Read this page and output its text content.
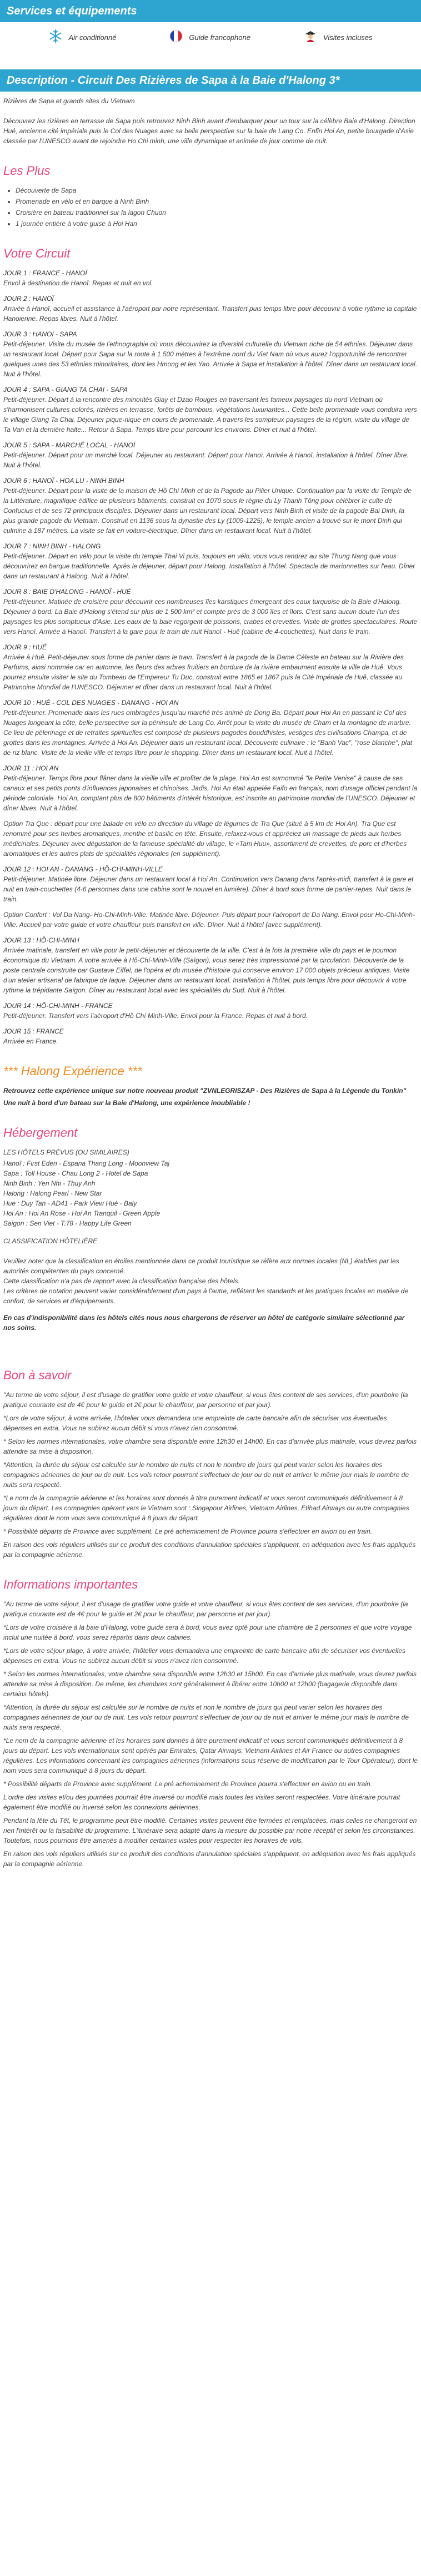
Services et équipements
Air conditionné	Guide francophone	Visites incluses
Description - Circuit Des Rizières de Sapa à la Baie d'Halong 3*

Rizières de Sapa et grands sites du Vietnam

Découvrez les rizières en terrasse de Sapa puis retrouvez Ninh Binh avant d'embarquer pour un tour sur la célèbre Baie d'Halong. Direction Hué, ancienne cité impériale puis le Col des Nuages avec sa belle perspective sur la baie de Lang Co. Enfin Hoi An, petite bourgade d'Asie classée par l'UNESCO avant de rejoindre Ho Chi minh, une ville dynamique et animée de jour comme de nuit.

Les Plus
• Découverte de Sapa
• Promenade en vélo et en barque à Ninh Binh
• Croisière en bateau traditionnel sur la lagon Chuon
• 1 journée entière à votre guise à Hoi Han
Votre Circuit
JOUR 1 : FRANCE - HANOÏ
Envol à destination de Hanoï. Repas et nuit en vol.
JOUR 2 : HANOÏ
Arrivée à Hanoï, accueil et assistance à l'aéroport par notre représentant. Transfert puis temps libre pour découvrir à votre rythme la capitale Hanoienne. Repas libres. Nuit à l'hôtel.
JOUR 3 : HANOI - SAPA
Petit-déjeuner. Visite du musée de l'ethnographie où vous découvrirez la diversité culturelle du Vietnam riche de 54 ethnies. Déjeuner dans un restaurant local. Départ pour Sapa sur la route à 1 500 mètres à l'extrême nord du Viet Nam où vous aurez l'opportunité de rencontrer quelques unes des 53 ethnies minoritaires, dont les Hmong et les Yao. Arrivée à Sapa et installation à l'hôtel. Dîner dans un restaurant local. Nuit à l'hôtel.
JOUR 4 : SAPA - GIANG TA CHAI - SAPA
Petit-déjeuner. Départ à la rencontre des minorités Giay et Dzao Rouges en traversant les fameux paysages du nord Vietnam où s'harmonisent cultures colorés, rizières en terrasse, forêts de bambous, végétations luxuriantes... Cette belle promenade vous conduira vers le village Giang Ta Chai. Déjeuner pique-nique en cours de promenade. A travers les sompteux paysages de la région, visite du village de Ta Van et la dernière halte... Retour à Sapa. Temps libre pour parcourir les environs. Dîner et nuit à l'hôtel.
JOUR 5 : SAPA - MARCHÉ LOCAL - HANOÏ
Petit-déjeuner. Départ pour un marché local. Déjeuner au restaurant. Départ pour Hanoï. Arrivée à Hanoï, installation à l'hôtel. Dîner libre. Nuit à l'hôtel.
JOUR 6 : HANOÏ - HOA LU - NINH BINH
Petit-déjeuner. Départ pour la visite de la maison de Hồ Chí Minh et de la Pagode au Pilier Unique. Continuation par la visite du Temple de la Littérature, magnifique édifice de plusieurs bâtiments, construit en 1070 sous le règne du Ly Thanh Tông pour célébrer le culte de Confucius et de ses 72 principaux disciples. Déjeuner dans un restaurant local. Départ vers Ninh Binh et visite de la pagode Bai Dinh, la plus grande pagode du Vietnam. Construit en 1136 sous la dynastie des Ly (1009-1225), le temple ancien a trouvé sur le mont Dinh qui culmine à 187 mètres. La visite se fait en voiture-électrique. Dîner dans un restaurant local. Nuit à l'hôtel.
JOUR 7 : NINH BINH - HALONG
Petit-déjeuner. Départ en vélo pour la visite du temple Thai Vi puis, toujours en vélo, vous vous rendrez au site Thung Nang que vous découvrirez en barque traditionnelle. Après le déjeuner, départ pour Halong. Installation à l'hôtel. Spectacle de marionnettes sur l'eau. Dîner dans un restaurant à Halong. Nuit à l'hôtel.
JOUR 8 : BAIE D'HALONG - HANOÏ - HUÉ
Petit-déjeuner. Matinée de croisière pour découvrir ces nombreuses îles karstiques émergeant des eaux turquoise de la Baie d'Halong. Déjeuner à bord. La Baie d'Halong s'étend sur plus de 1 500 km² et compte près de 3 000 îles et îlots. C'est sans aucun doute l'un des paysages les plus somptueux d'Asie. Les eaux de la baie regorgent de poissons, crabes et crevettes. Visite de grottes spectaculaires. Route vers Hanoï. Arrivée à Hanoï. Transfert à la gare pour le train de nuit Hanoï - Huê (cabine de 4-couchettes). Nuit dans le train.
JOUR 9 : HUÉ
Arrivée à Huê. Petit-déjeuner sous forme de panier dans le train. Transfert à la pagode de la Dame Céleste en bateau sur la Rivière des Parfums, ainsi nommée car en automne, les fleurs des arbres fruitiers en bordure de la rivière embaument ensuite la ville de Huê. Vous pourrez ensuite visiter le site du Tombeau de l'Empereur Tu Duc, construit entre 1865 et 1867 puis la Cité Impériale de Huê, classée au Patrimoine Mondial de l'UNESCO. Déjeuner et dîner dans un restaurant local. Nuit à l'hôtel.
JOUR 10 : HUÉ - COL DES NUAGES - DANANG - HOI AN
Petit-déjeuner. Promenade dans les rues ombragées jusqu'au marché très animé de Dong Ba. Départ pour Hoi An en passant le Col des Nuages longeant la côte, belle perspective sur la péninsule de Lang Co. Arrêt pour la visite du musée de Cham et la montagne de marbre. Ce lieu de pèlerinage et de retraites spirituelles est composé de plusieurs pagodes bouddhistes, vestiges des civilisations Champa, et de grottes dans les montagnes. Arrivée à Hoi An. Déjeuner dans un restaurant local. Découverte culinaire : le "Banh Vac", "rose blanche", plat de riz blanc. Visite de la vieille ville et temps libre pour le shopping. Dîner dans un restaurant local. Nuit à l'hôtel.
JOUR 11 : HOI AN
Petit-déjeuner. Temps libre pour flâner dans la vieille ville et profiter de la plage. Hoi An est surnommé "la Petite Venise" à cause de ses canaux et ses petits ponts d'influences japonaises et chinoises. Jadis, Hoi An était appelée Faifo en français, nom d'usage officiel pendant la période coloniale. Hoi An, comptant plus de 800 bâtiments d'intérêt historique, est inscrite au patrimoine mondial de l'UNESCO. Déjeuner et dîner libres. Nuit à l'hôtel.
Option Tra Que : départ pour une balade en vélo en direction du village de légumes de Tra Que (situé à 5 km de Hoi An). Tra Que est renommé pour ses herbes aromatiques, menthe et basilic en tête. Ensuite, relaxez-vous et appréciez un massage de pieds aux herbes médicinales. Déjeuner avec dégustation de la fameuse spécialité du village, le «Tam Huu», assortiment de crevettes, de porc et d'herbes aromatiques et les autres plats de spécialités régionales (en supplément).
JOUR 12 : HOI AN - DANANG - HỒ-CHI-MINH-VILLE
Petit-déjeuner. Matinée libre. Déjeuner dans un restaurant local à Hoi An. Continuation vers Danang dans l'après-midi, transfert à la gare et nuit en train-couchettes (4-6 personnes dans une cabine sont le nouvel en lumière). Dîner à bord sous forme de panier-repas. Nuit dans le train.
Option Confort : Vol Da Nang- Ho-Chi-Minh-Ville. Matinée libre. Déjeuner. Puis départ pour l'aéroport de Da Nang. Envol pour Ho-Chi-Minh-Ville. Accueil par votre guide et votre chauffeur puis transfert en ville. Dîner. Nuit à l'hôtel (avec supplément).
JOUR 13 : HỒ-CHI-MINH
Arrivée matinale, transfert en ville pour le petit-déjeuner et découverte de la ville. C'est à la fois la première ville du pays et le poumon économique du Vietnam. A votre arrivée à Hồ-Chí-Minh-Ville (Saïgon), vous serez très impressionné par la circulation. Découverte de la poste centrale construite par Gustave Eiffel, de l'opéra et du musée d'histoire qui conserve environ 17 000 objets précieux antiques. Visite d'un atelier artisanal de fabrique de laque. Déjeuner dans un restaurant local. Installation à l'hôtel, puis temps libre pour découvrir à votre rythme la trépidante Saïgon. Dîner au restaurant local avec les spécialités du Sud. Nuit à l'hôtel.
JOUR 14 : HỒ-CHI-MINH - FRANCE
Petit-déjeuner. Transfert vers l'aéroport d'Hồ Chí Minh-Ville. Envol pour la France. Repas et nuit à bord.
JOUR 15 : FRANCE
Arrivée en France.
*** Halong Expérience ***

Retrouvez cette expérience unique sur notre nouveau produit "ZVNLEGRISZAP - Des Rizières de Sapa à la Légende du Tonkin"

Une nuit à bord d'un bateau sur la Baie d'Halong, une expérience inoubliable !

Hébergement

LES HÔTELS PRÉVUS (OU SIMILAIRES)

Hanoï : First Eden - Espana Thang Long - Moonview Taj
Sapa : Toll House - Chau Long 2 - Hotel de Sapa
Ninh Binh : Yen Nhi - Thuy Anh
Halong : Halong Pearl - New Star
Hue : Duy Tan - AD41 - Park View Hué - Baly
Hoi An : Hoi An Rose - Hoi An Tranquil - Green Apple
Saigon : Sen Viet - T.78 - Happy Life Green

CLASSIFICATION HÔTELIÈRE

Veuillez noter que la classification en étoiles mentionnée dans ce produit touristique se réfère aux normes locales (NL) établies par les autorités compétentes du pays concerné.
Cette classification n'a pas de rapport avec la classification française des hôtels.
Les critères de notation peuvent varier considérablement d'un pays à l'autre, reflétant les standards et les pratiques locales en matière de confort, de services et d'équipements.

En cas d'indisponibilité dans les hôtels cités nous nous chargerons de réserver un hôtel de catégorie similaire sélectionné par nos soins.

Bon à savoir

"Au terme de votre séjour, il est d'usage de gratifier votre guide et votre chauffeur, si vous êtes content de ses services, d'un pourboire (la pratique courante est de 4€ pour le guide et 2€ pour le chauffeur, par personne et par jour).

*Lors de votre séjour, à votre arrivée, l'hôtelier vous demandera une empreinte de carte bancaire afin de sécuriser vos éventuelles dépenses en extra. Vous ne subirez aucun débit si vous n'avez rien consommé.

* Selon les normes internationales, votre chambre sera disponible entre 12h30 et 14h00. En cas d'arrivée plus matinale, vous devrez parfois attendre sa mise à disposition.

*Attention, la durée du séjour est calculée sur le nombre de nuits et non le nombre de jours qui peut varier selon les horaires des compagnies aériennes de jour ou de nuit. Les vols retour pourront s'effectuer de jour ou de nuit et arriver le même jour mais le nombre de nuits sera respecté.

*Le nom de la compagnie aérienne et les horaires sont donnés à titre purement indicatif et vous seront communiqués définitivement à 8 jours du départ. Les compagnies opérant vers le Vietnam sont : Singapour Airlines, Vietnam Airlines, Etihad Airways ou autre compagnies régulières dont le nom vous sera communiqué à 8 jours du départ.

* Possibilité départs de Province avec supplément. Le pré acheminement de Province pourra s'effectuer en avion ou en train.

En raison des vols réguliers utilisés sur ce produit des conditions d'annulation spéciales s'appliquent, en adéquation avec les frais appliqués par la compagnie aérienne.

Informations importantes

"Au terme de votre séjour, il est d'usage de gratifier votre guide et votre chauffeur, si vous êtes content de ses services, d'un pourboire (la pratique courante est de 4€ pour le guide et 2€ pour le chauffeur, par personne et par jour).

*Lors de votre croisière à la baie d'Halong, votre guide sera à bord, vous avez opté pour une chambre de 2 personnes et que votre voyage inclut une nuitée à bord, vous serez répartis dans deux cabines.

*Lors de votre séjour plage, à votre arrivée, l'hôtelier vous demandera une empreinte de carte bancaire afin de sécuriser vos éventuelles dépenses en extra. Vous ne subirez aucun débit si vous n'avez rien consommé.

* Selon les normes internationales, votre chambre sera disponible entre 12h30 et 15h00. En cas d'arrivée plus matinale, vous devrez parfois attendre sa mise à disposition. De même, les chambres sont généralement à libérer entre 10h00 et 12h00 (bagagerie disponible dans certains hôtels).

*Attention, la durée du séjour est calculée sur le nombre de nuits et non le nombre de jours qui peut varier selon les horaires des compagnies aériennes de jour ou de nuit. Les vols retour pourront s'effectuer de jour ou de nuit et arriver le même jour mais le nombre de nuits sera respecté.

*Le nom de la compagnie aérienne et les horaires sont donnés à titre purement indicatif et vous seront communiqués définitivement à 8 jours du départ. Les vols internationaux sont opérés par Emirates, Qatar Airways, Vietnam Airlines et Air France ou autres compagnies régulières. Les informations concernant les compagnies aériennes (informations sous réserve de modification par le Tour Opérateur), dont le nom vous sera communiqué à 8 jours du départ.

* Possibilité départs de Province avec supplément. Le pré acheminement de Province pourra s'effectuer en avion ou en train.

L'ordre des visites et/ou des journées pourrait être inversé ou modifié mais toutes les visites seront respectées. Votre itinéraire pourrait également être modifié ou inversé selon les connexions aériennes.

Pendant la fête du Têt, le programme peut être modifié. Certaines visites peuvent être fermées et remplacées, mais celles ne changeront en rien l'intérêt ou la faisabilité du programme. L'itinéraire sera adapté dans la mesure du possible par notre réceptif et selon les circonstances. Toutefois, nous pourrions être amenés à modifier certaines visites pour respecter les horaires de vols.

En raison des vols réguliers utilisés sur ce produit des conditions d'annulation spéciales s'appliquent, en adéquation avec les frais appliqués par la compagnie aérienne.
